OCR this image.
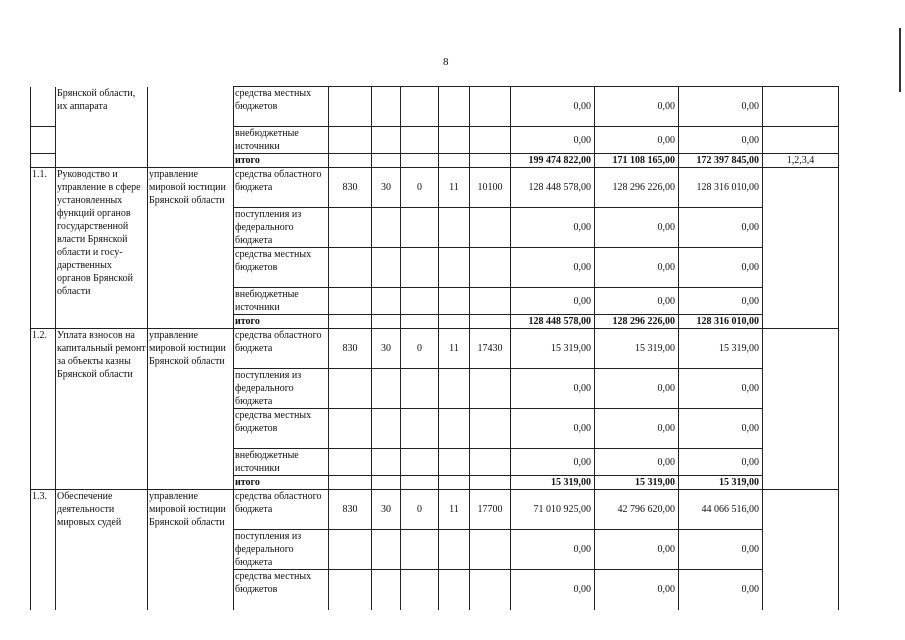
8
	Брянской области, их аппарата		средства местных бюджетов						0,00	0,00	0,00	
			внебюджетные источники						0,00	0,00	0,00	
			итого						199 474 822,00	171 108 165,00	172 397 845,00	1,2,3,4
1.1.	Руководство и управление в сфере установленных функций органов государственной власти Брянской области и госу-дарственных органов Брянской области	управление мировой юстиции Брянской области	средства областного бюджета	830	30	0	11	10100	128 448 578,00	128 296 226,00	128 316 010,00	
			поступления из федерального бюджета						0,00	0,00	0,00	
			средства местных бюджетов						0,00	0,00	0,00	
			внебюджетные источники						0,00	0,00	0,00	
			итого						128 448 578,00	128 296 226,00	128 316 010,00	
1.2.	Уплата взносов на капитальный ремонт за объекты казны Брянской области	управление мировой юстиции Брянской области	средства областного бюджета	830	30	0	11	17430	15 319,00	15 319,00	15 319,00	
			поступления из федерального бюджета						0,00	0,00	0,00	
			средства местных бюджетов						0,00	0,00	0,00	
			внебюджетные источники						0,00	0,00	0,00	
			итого						15 319,00	15 319,00	15 319,00	
1.3.	Обеспечение деятельности мировых судей	управление мировой юстиции Брянской области	средства областного бюджета	830	30	0	11	17700	71 010 925,00	42 796 620,00	44 066 516,00	
			поступления из федерального бюджета						0,00	0,00	0,00	
			средства местных бюджетов						0,00	0,00	0,00	
